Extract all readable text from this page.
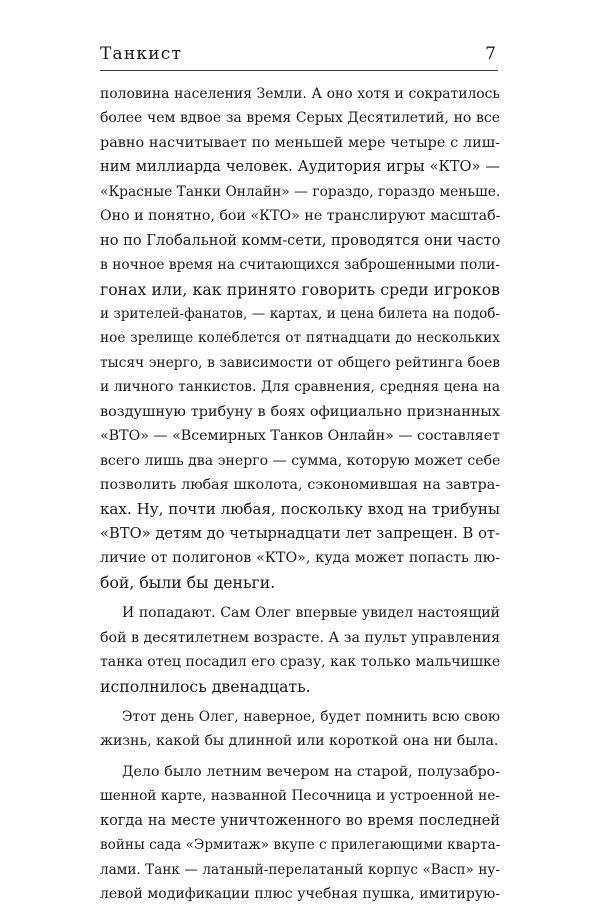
Танкист	7
половина населения Земли. А оно хотя и сократилось
более чем вдвое за время Серых Десятилетий, но все
равно насчитывает по меньшей мере четыре с лиш-
ним миллиарда человек. Аудитория игры «КТО» —
«Красные Танки Онлайн» — гораздо, гораздо меньше.
Оно и понятно, бои «КТО» не транслируют масштаб-
но по Глобальной комм-сети, проводятся они часто
в ночное время на считающихся заброшенными поли-
гонах или, как принято говорить среди игроков
и зрителей-фанатов, — картах, и цена билета на подоб-
ное зрелище колеблется от пятнадцати до нескольких
тысяч энерго, в зависимости от общего рейтинга боев
и личного танкистов. Для сравнения, средняя цена на
воздушную трибуну в боях официально признанных
«ВТО» — «Всемирных Танков Онлайн» — составляет
всего лишь два энерго — сумма, которую может себе
позволить любая школота, сэкономившая на завтра-
ках. Ну, почти любая, поскольку вход на трибуны
«ВТО» детям до четырнадцати лет запрещен. В от-
личие от полигонов «КТО», куда может попасть лю-
бой, были бы деньги.
И попадают. Сам Олег впервые увидел настоящий
бой в десятилетнем возрасте. А за пульт управления
танка отец посадил его сразу, как только мальчишке
исполнилось двенадцать.
Этот день Олег, наверное, будет помнить всю свою
жизнь, какой бы длинной или короткой она ни была.
Дело было летним вечером на старой, полузабро-
шенной карте, названной Песочница и устроенной не-
когда на месте уничтоженного во время последней
войны сада «Эрмитаж» вкупе с прилегающими кварта-
лами. Танк — латаный-перелатаный корпус «Васп» ну-
левой модификации плюс учебная пушка, имитирую-
